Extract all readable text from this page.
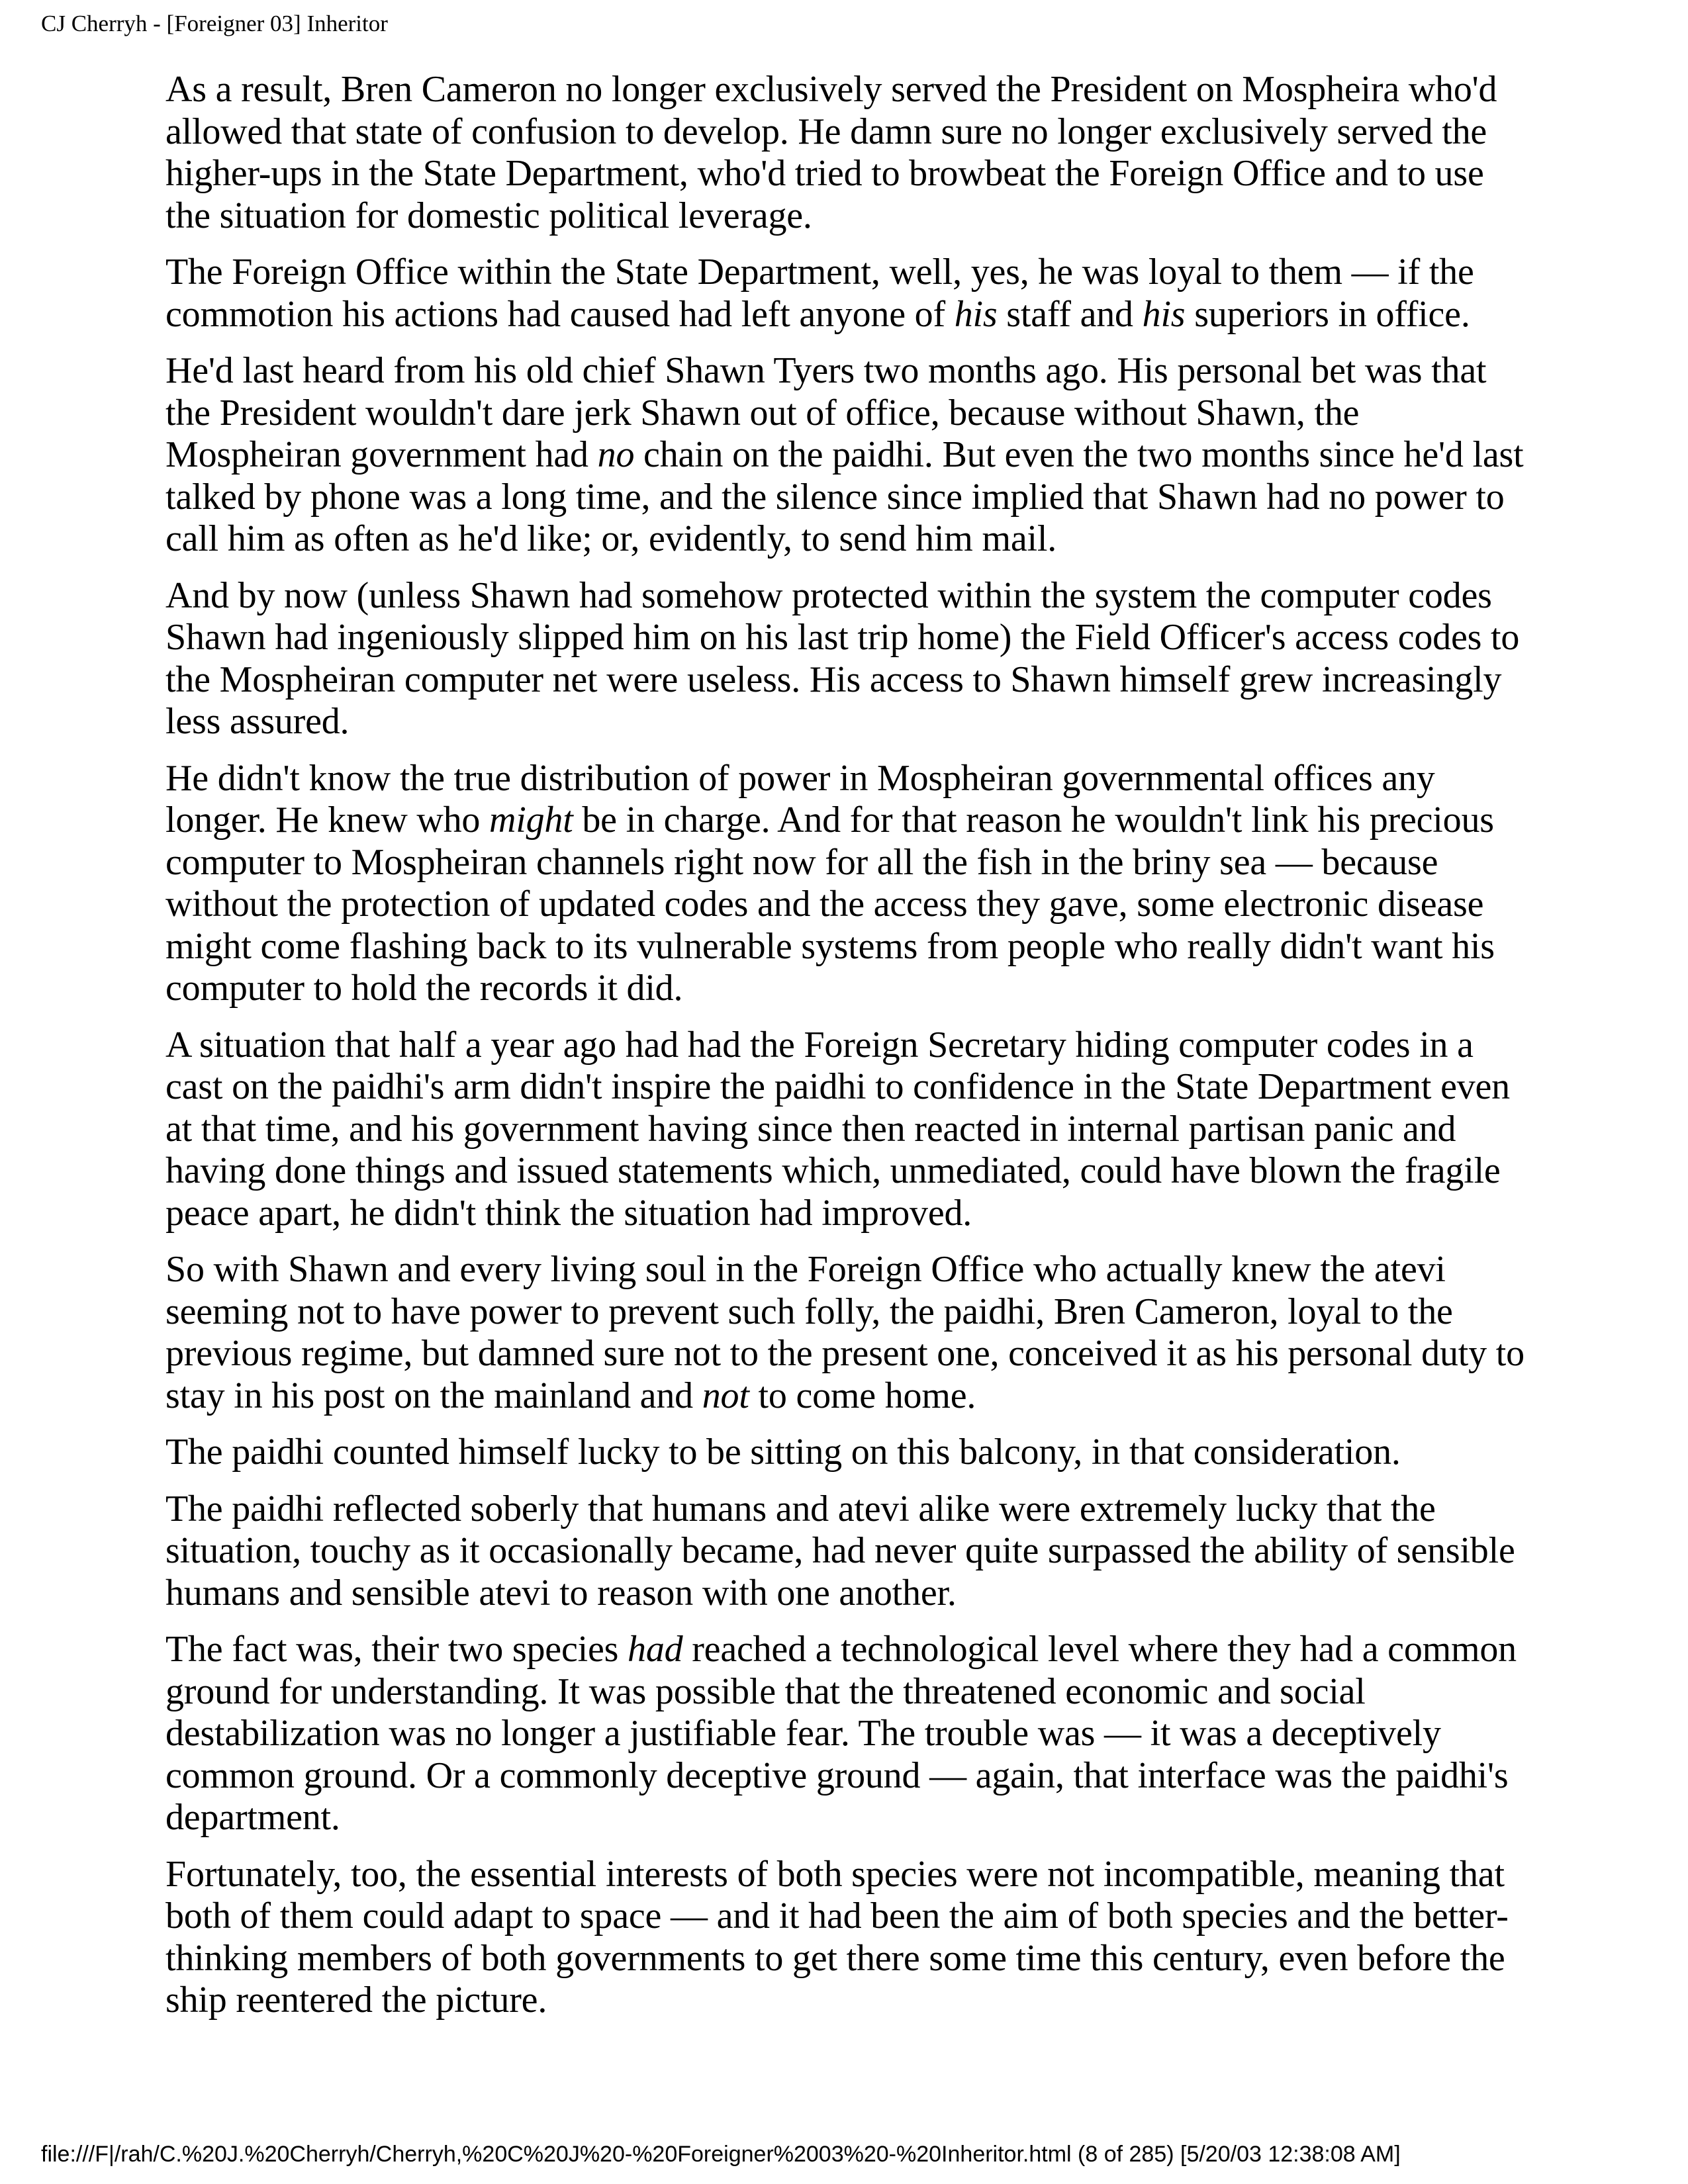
CJ Cherryh - [Foreigner 03] Inheritor

As a result, Bren Cameron no longer exclusively served the President on Mospheira who'd allowed that state of confusion to develop. He damn sure no longer exclusively served the higher-ups in the State Department, who'd tried to browbeat the Foreign Office and to use the situation for domestic political leverage.

The Foreign Office within the State Department, well, yes, he was loyal to them — if the commotion his actions had caused had left anyone of his staff and his superiors in office.

He'd last heard from his old chief Shawn Tyers two months ago. His personal bet was that the President wouldn't dare jerk Shawn out of office, because without Shawn, the Mospheiran government had no chain on the paidhi. But even the two months since he'd last talked by phone was a long time, and the silence since implied that Shawn had no power to call him as often as he'd like; or, evidently, to send him mail.

And by now (unless Shawn had somehow protected within the system the computer codes Shawn had ingeniously slipped him on his last trip home) the Field Officer's access codes to the Mospheiran computer net were useless. His access to Shawn himself grew increasingly less assured.

He didn't know the true distribution of power in Mospheiran governmental offices any longer. He knew who might be in charge. And for that reason he wouldn't link his precious computer to Mospheiran channels right now for all the fish in the briny sea — because without the protection of updated codes and the access they gave, some electronic disease might come flashing back to its vulnerable systems from people who really didn't want his computer to hold the records it did.

A situation that half a year ago had had the Foreign Secretary hiding computer codes in a cast on the paidhi's arm didn't inspire the paidhi to confidence in the State Department even at that time, and his government having since then reacted in internal partisan panic and having done things and issued statements which, unmediated, could have blown the fragile peace apart, he didn't think the situation had improved.

So with Shawn and every living soul in the Foreign Office who actually knew the atevi seeming not to have power to prevent such folly, the paidhi, Bren Cameron, loyal to the previous regime, but damned sure not to the present one, conceived it as his personal duty to stay in his post on the mainland and not to come home.

The paidhi counted himself lucky to be sitting on this balcony, in that consideration.

The paidhi reflected soberly that humans and atevi alike were extremely lucky that the situation, touchy as it occasionally became, had never quite surpassed the ability of sensible humans and sensible atevi to reason with one another.

The fact was, their two species had reached a technological level where they had a common ground for understanding. It was possible that the threatened economic and social destabilization was no longer a justifiable fear. The trouble was — it was a deceptively common ground. Or a commonly deceptive ground — again, that interface was the paidhi's department.

Fortunately, too, the essential interests of both species were not incompatible, meaning that both of them could adapt to space — and it had been the aim of both species and the better-thinking members of both governments to get there some time this century, even before the ship reentered the picture.

file:///F|/rah/C.%20J.%20Cherryh/Cherryh,%20C%20J%20-%20Foreigner%2003%20-%20Inheritor.html (8 of 285) [5/20/03 12:38:08 AM]
